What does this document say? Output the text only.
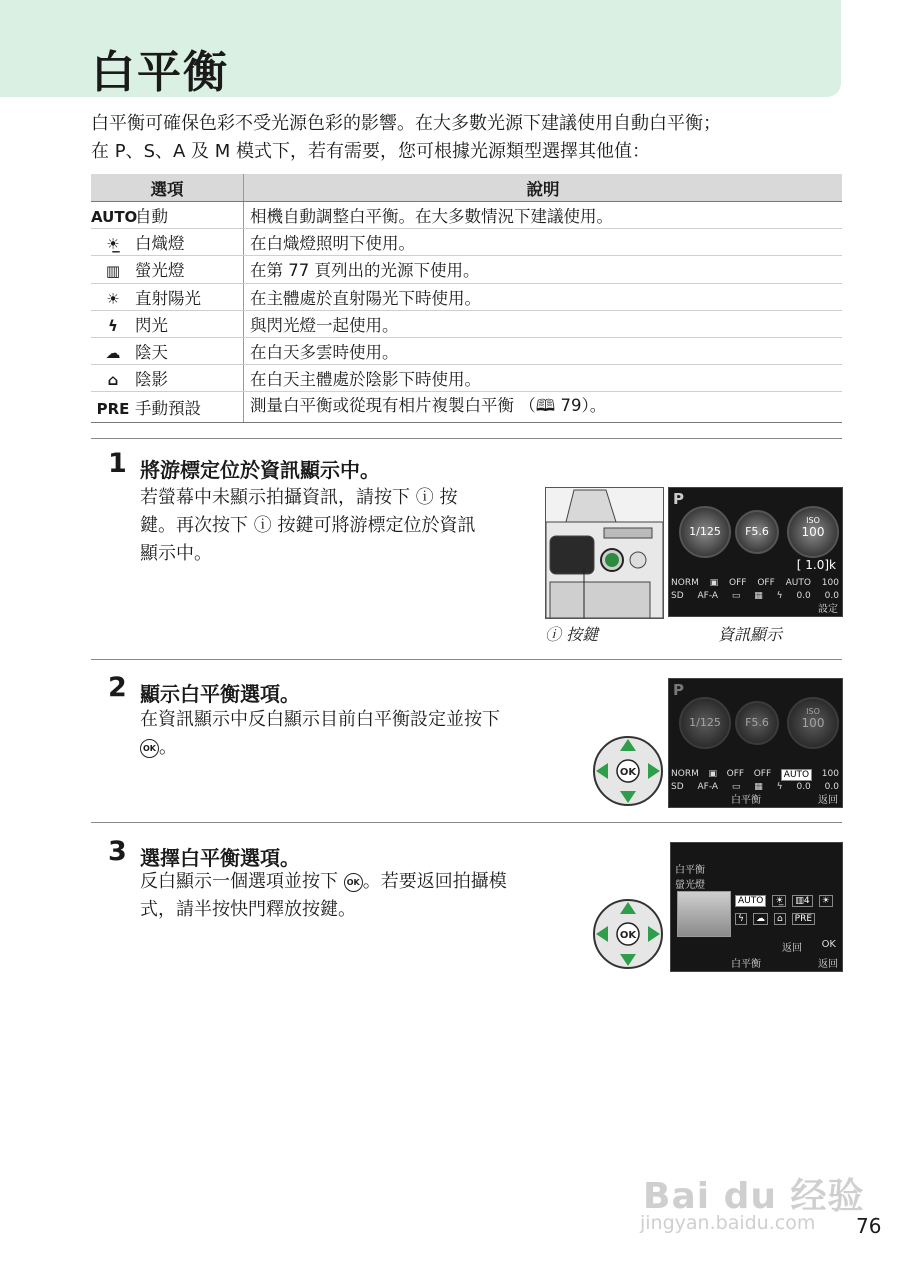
白平衡
白平衡可確保色彩不受光源色彩的影響。在大多數光源下建議使用自動白平衡；
在 P、S、A 及 M 模式下，若有需要，您可根據光源類型選擇其他值：
選項	說明
AUTO自動	相機自動調整白平衡。在大多數情況下建議使用。
☀̲ 白熾燈	在白熾燈照明下使用。
▥ 螢光燈	在第 77 頁列出的光源下使用。
☀ 直射陽光	在主體處於直射陽光下時使用。
ϟ 閃光	與閃光燈一起使用。
☁ 陰天	在白天多雲時使用。
⌂ 陰影	在白天主體處於陰影下時使用。
PRE 手動預設	測量白平衡或從現有相片複製白平衡 （🕮 79）。
1 將游標定位於資訊顯示中。
若螢幕中未顯示拍攝資訊，請按下 ⓘ 按
鍵。再次按下 ⓘ 按鍵可將游標定位於資訊
顯示中。
P
1/125	F5.6
ISO
100
[ 1.0]k
NORM ▣ OFF OFF AUTO 100
SD AF-A ▭ ▦ ϟ 0.0 0.0
設定
ⓘ 按鍵	資訊顯示
2 顯示白平衡選項。
在資訊顯示中反白顯示目前白平衡設定並按下
OK 。
OK
P
1/125	F5.6
ISO
100
NORM ▣ OFF OFF	AUTO	100
SD AF-A ▭ ▦ ϟ 0.0 0.0
白平衡	返回
3 選擇白平衡選項。
反白顯示一個選項並按下 OK 。若要返回拍攝模
式，請半按快門釋放按鍵。
OK
白平衡
螢光燈
AUTO	☀̲	▥4	☀
ϟ	☁	⌂	PRE
返回 OK
白平衡	返回
Bai du 经验
jingyan.baidu.com 76
